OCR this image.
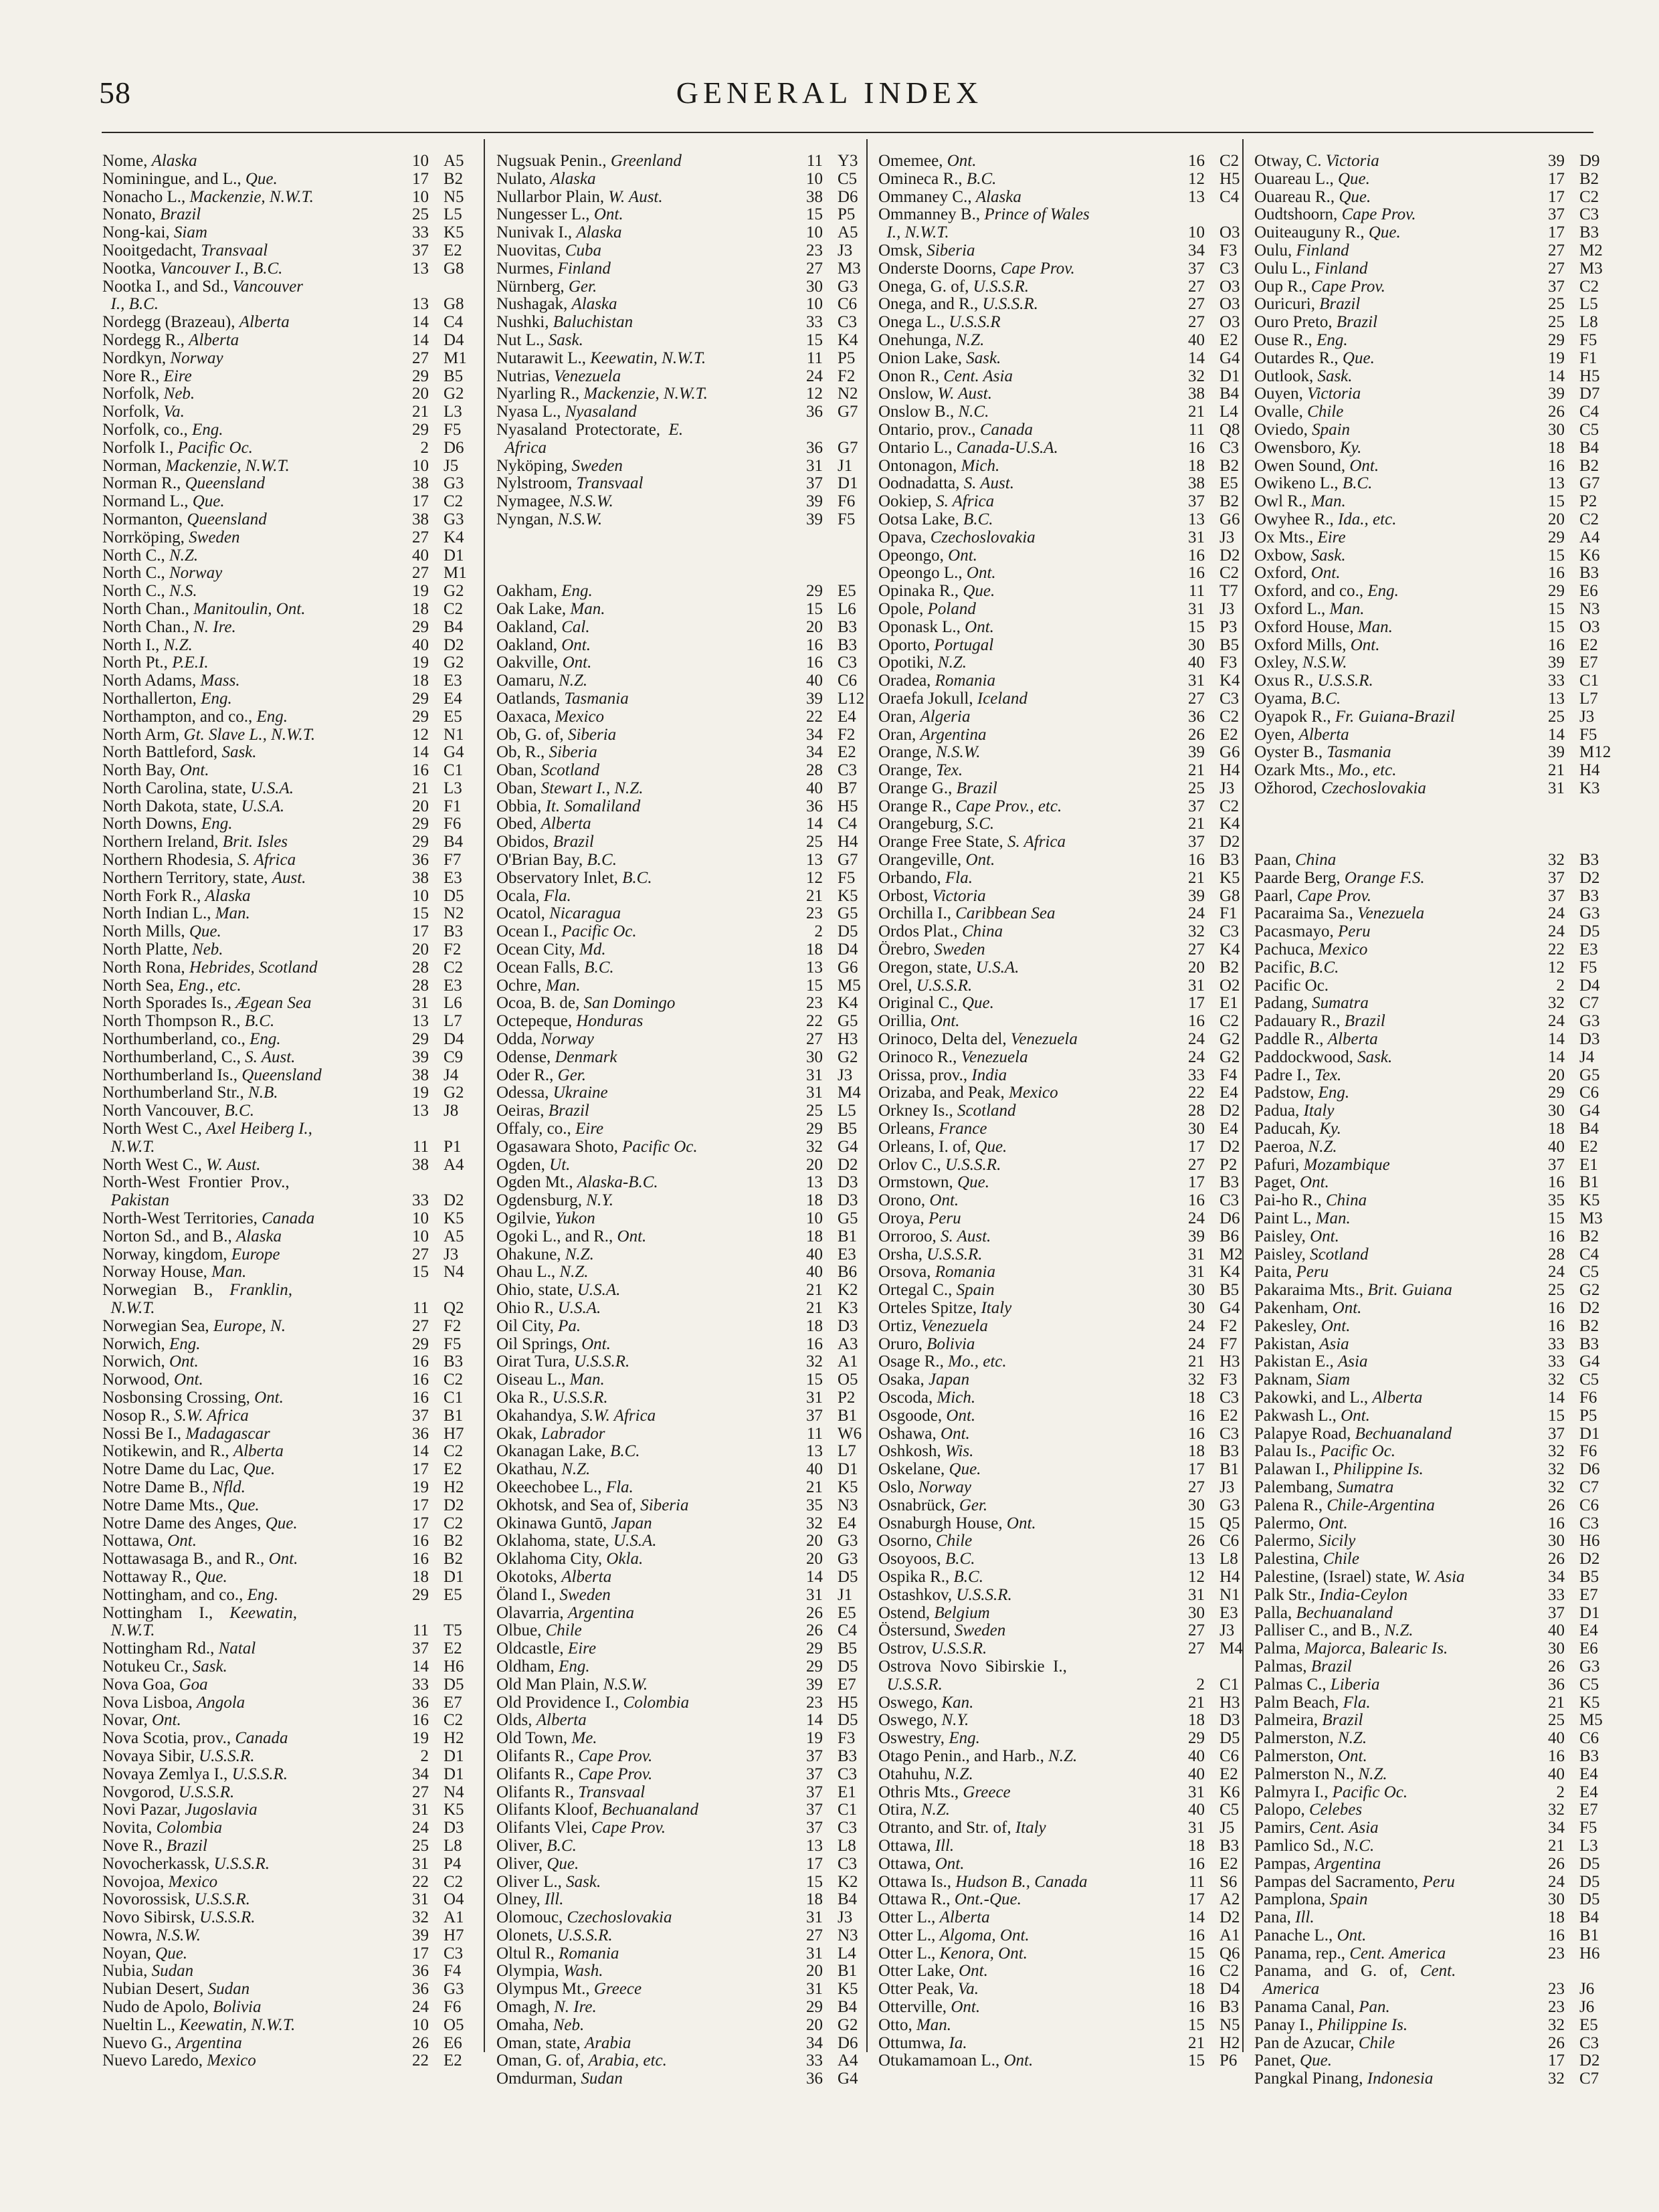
58	GENERAL INDEX
Nome, Alaska	10 A5
Nominingue, and L., Que.	17 B2
Nonacho L., Mackenzie, N.W.T.	10 N5
Nonato, Brazil	25 L5
Nong-kai, Siam	33 K5
Nooitgedacht, Transvaal	37 E2
Nootka, Vancouver I., B.C.	13 G8
Nootka I., and Sd., Vancouver
I., B.C.	13 G8
Nordegg (Brazeau), Alberta	14 C4
Nordegg R., Alberta	14 D4
Nordkyn, Norway	27 M1
Nore R., Eire	29 B5
Norfolk, Neb.	20 G2
Norfolk, Va.	21 L3
Norfolk, co., Eng.	29 F5
Norfolk I., Pacific Oc.	2 D6
Norman, Mackenzie, N.W.T.	10 J5
Norman R., Queensland	38 G3
Normand L., Que.	17 C2
Normanton, Queensland	38 G3
Norrköping, Sweden	27 K4
North C., N.Z.	40 D1
North C., Norway	27 M1
North C., N.S.	19 G2
North Chan., Manitoulin, Ont.	18 C2
North Chan., N. Ire.	29 B4
North I., N.Z.	40 D2
North Pt., P.E.I.	19 G2
North Adams, Mass.	18 E3
Northallerton, Eng.	29 E4
Northampton, and co., Eng.	29 E5
North Arm, Gt. Slave L., N.W.T.	12 N1
North Battleford, Sask.	14 G4
North Bay, Ont.	16 C1
North Carolina, state, U.S.A.	21 L3
North Dakota, state, U.S.A.	20 F1
North Downs, Eng.	29 F6
Northern Ireland, Brit. Isles	29 B4
Northern Rhodesia, S. Africa	36 F7
Northern Territory, state, Aust.	38 E3
North Fork R., Alaska	10 D5
North Indian L., Man.	15 N2
North Mills, Que.	17 B3
North Platte, Neb.	20 F2
North Rona, Hebrides, Scotland	28 C2
North Sea, Eng., etc.	28 E3
North Sporades Is., Ægean Sea	31 L6
North Thompson R., B.C.	13 L7
Northumberland, co., Eng.	29 D4
Northumberland, C., S. Aust.	39 C9
Northumberland Is., Queensland	38 J4
Northumberland Str., N.B.	19 G2
North Vancouver, B.C.	13 J8
North West C., Axel Heiberg I.,
N.W.T.	11 P1
North West C., W. Aust.	38 A4
North-West  Frontier  Prov.,
Pakistan	33 D2
North-West Territories, Canada	10 K5
Norton Sd., and B., Alaska	10 A5
Norway, kingdom, Europe	27 J3
Norway House, Man.	15 N4
Norwegian    B.,    Franklin,
N.W.T.	11 Q2
Norwegian Sea, Europe, N.	27 F2
Norwich, Eng.	29 F5
Norwich, Ont.	16 B3
Norwood, Ont.	16 C2
Nosbonsing Crossing, Ont.	16 C1
Nosop R., S.W. Africa	37 B1
Nossi Be I., Madagascar	36 H7
Notikewin, and R., Alberta	14 C2
Notre Dame du Lac, Que.	17 E2
Notre Dame B., Nfld.	19 H2
Notre Dame Mts., Que.	17 D2
Notre Dame des Anges, Que.	17 C2
Nottawa, Ont.	16 B2
Nottawasaga B., and R., Ont.	16 B2
Nottaway R., Que.	18 D1
Nottingham, and co., Eng.	29 E5
Nottingham    I.,    Keewatin,
N.W.T.	11 T5
Nottingham Rd., Natal	37 E2
Notukeu Cr., Sask.	14 H6
Nova Goa, Goa	33 D5
Nova Lisboa, Angola	36 E7
Novar, Ont.	16 C2
Nova Scotia, prov., Canada	19 H2
Novaya Sibir, U.S.S.R.	2 D1
Novaya Zemlya I., U.S.S.R.	34 D1
Novgorod, U.S.S.R.	27 N4
Novi Pazar, Jugoslavia	31 K5
Novita, Colombia	24 D3
Nove R., Brazil	25 L8
Novocherkassk, U.S.S.R.	31 P4
Novojoa, Mexico	22 C2
Novorossisk, U.S.S.R.	31 O4
Novo Sibirsk, U.S.S.R.	32 A1
Nowra, N.S.W.	39 H7
Noyan, Que.	17 C3
Nubia, Sudan	36 F4
Nubian Desert, Sudan	36 G3
Nudo de Apolo, Bolivia	24 F6
Nueltin L., Keewatin, N.W.T.	10 O5
Nuevo G., Argentina	26 E6
Nuevo Laredo, Mexico	22 E2
Nugsuak Penin., Greenland	11 Y3
Nulato, Alaska	10 C5
Nullarbor Plain, W. Aust.	38 D6
Nungesser L., Ont.	15 P5
Nunivak I., Alaska	10 A5
Nuovitas, Cuba	23 J3
Nurmes, Finland	27 M3
Nürnberg, Ger.	30 G3
Nushagak, Alaska	10 C6
Nushki, Baluchistan	33 C3
Nut L., Sask.	15 K4
Nutarawit L., Keewatin, N.W.T.	11 P5
Nutrias, Venezuela	24 F2
Nyarling R., Mackenzie, N.W.T.	12 N2
Nyasa L., Nyasaland	36 G7
Nyasaland  Protectorate,  E.
Africa	36 G7
Nyköping, Sweden	31 J1
Nylstroom, Transvaal	37 D1
Nymagee, N.S.W.	39 F6
Nyngan, N.S.W.	39 F5
Oakham, Eng.	29 E5
Oak Lake, Man.	15 L6
Oakland, Cal.	20 B3
Oakland, Ont.	16 B3
Oakville, Ont.	16 C3
Oamaru, N.Z.	40 C6
Oatlands, Tasmania	39 L12
Oaxaca, Mexico	22 E4
Ob, G. of, Siberia	34 F2
Ob, R., Siberia	34 E2
Oban, Scotland	28 C3
Oban, Stewart I., N.Z.	40 B7
Obbia, It. Somaliland	36 H5
Obed, Alberta	14 C4
Obidos, Brazil	25 H4
O'Brian Bay, B.C.	13 G7
Observatory Inlet, B.C.	12 F5
Ocala, Fla.	21 K5
Ocatol, Nicaragua	23 G5
Ocean I., Pacific Oc.	2 D5
Ocean City, Md.	18 D4
Ocean Falls, B.C.	13 G6
Ochre, Man.	15 M5
Ocoa, B. de, San Domingo	23 K4
Octepeque, Honduras	22 G5
Odda, Norway	27 H3
Odense, Denmark	30 G2
Oder R., Ger.	31 J3
Odessa, Ukraine	31 M4
Oeiras, Brazil	25 L5
Offaly, co., Eire	29 B5
Ogasawara Shoto, Pacific Oc.	32 G4
Ogden, Ut.	20 D2
Ogden Mt., Alaska-B.C.	13 D3
Ogdensburg, N.Y.	18 D3
Ogilvie, Yukon	10 G5
Ogoki L., and R., Ont.	18 B1
Ohakune, N.Z.	40 E3
Ohau L., N.Z.	40 B6
Ohio, state, U.S.A.	21 K2
Ohio R., U.S.A.	21 K3
Oil City, Pa.	18 D3
Oil Springs, Ont.	16 A3
Oirat Tura, U.S.S.R.	32 A1
Oiseau L., Man.	15 O5
Oka R., U.S.S.R.	31 P2
Okahandya, S.W. Africa	37 B1
Okak, Labrador	11 W6
Okanagan Lake, B.C.	13 L7
Okathau, N.Z.	40 D1
Okeechobee L., Fla.	21 K5
Okhotsk, and Sea of, Siberia	35 N3
Okinawa Guntō, Japan	32 E4
Oklahoma, state, U.S.A.	20 G3
Oklahoma City, Okla.	20 G3
Okotoks, Alberta	14 D5
Öland I., Sweden	31 J1
Olavarria, Argentina	26 E5
Olbue, Chile	26 C4
Oldcastle, Eire	29 B5
Oldham, Eng.	29 D5
Old Man Plain, N.S.W.	39 E7
Old Providence I., Colombia	23 H5
Olds, Alberta	14 D5
Old Town, Me.	19 F3
Olifants R., Cape Prov.	37 B3
Olifants R., Cape Prov.	37 C3
Olifants R., Transvaal	37 E1
Olifants Kloof, Bechuanaland	37 C1
Olifants Vlei, Cape Prov.	37 C3
Oliver, B.C.	13 L8
Oliver, Que.	17 C3
Oliver L., Sask.	15 K2
Olney, Ill.	18 B4
Olomouc, Czechoslovakia	31 J3
Olonets, U.S.S.R.	27 N3
Oltul R., Romania	31 L4
Olympia, Wash.	20 B1
Olympus Mt., Greece	31 K5
Omagh, N. Ire.	29 B4
Omaha, Neb.	20 G2
Oman, state, Arabia	34 D6
Oman, G. of, Arabia, etc.	33 A4
Omdurman, Sudan	36 G4
Omemee, Ont.	16 C2
Omineca R., B.C.	12 H5
Ommaney C., Alaska	13 C4
Ommanney B., Prince of Wales
I., N.W.T.	10 O3
Omsk, Siberia	34 F3
Onderste Doorns, Cape Prov.	37 C3
Onega, G. of, U.S.S.R.	27 O3
Onega, and R., U.S.S.R.	27 O3
Onega L., U.S.S.R	27 O3
Onehunga, N.Z.	40 E2
Onion Lake, Sask.	14 G4
Onon R., Cent. Asia	32 D1
Onslow, W. Aust.	38 B4
Onslow B., N.C.	21 L4
Ontario, prov., Canada	11 Q8
Ontario L., Canada-U.S.A.	16 C3
Ontonagon, Mich.	18 B2
Oodnadatta, S. Aust.	38 E5
Ookiep, S. Africa	37 B2
Ootsa Lake, B.C.	13 G6
Opava, Czechoslovakia	31 J3
Opeongo, Ont.	16 D2
Opeongo L., Ont.	16 C2
Opinaka R., Que.	11 T7
Opole, Poland	31 J3
Oponask L., Ont.	15 P3
Oporto, Portugal	30 B5
Opotiki, N.Z.	40 F3
Oradea, Romania	31 K4
Oraefa Jokull, Iceland	27 C3
Oran, Algeria	36 C2
Oran, Argentina	26 E2
Orange, N.S.W.	39 G6
Orange, Tex.	21 H4
Orange G., Brazil	25 J3
Orange R., Cape Prov., etc.	37 C2
Orangeburg, S.C.	21 K4
Orange Free State, S. Africa	37 D2
Orangeville, Ont.	16 B3
Orbando, Fla.	21 K5
Orbost, Victoria	39 G8
Orchilla I., Caribbean Sea	24 F1
Ordos Plat., China	32 C3
Örebro, Sweden	27 K4
Oregon, state, U.S.A.	20 B2
Orel, U.S.S.R.	31 O2
Original C., Que.	17 E1
Orillia, Ont.	16 C2
Orinoco, Delta del, Venezuela	24 G2
Orinoco R., Venezuela	24 G2
Orissa, prov., India	33 F4
Orizaba, and Peak, Mexico	22 E4
Orkney Is., Scotland	28 D2
Orleans, France	30 E4
Orleans, I. of, Que.	17 D2
Orlov C., U.S.S.R.	27 P2
Ormstown, Que.	17 B3
Orono, Ont.	16 C3
Oroya, Peru	24 D6
Orroroo, S. Aust.	39 B6
Orsha, U.S.S.R.	31 M2
Orsova, Romania	31 K4
Ortegal C., Spain	30 B5
Orteles Spitze, Italy	30 G4
Ortiz, Venezuela	24 F2
Oruro, Bolivia	24 F7
Osage R., Mo., etc.	21 H3
Osaka, Japan	32 F3
Oscoda, Mich.	18 C3
Osgoode, Ont.	16 E2
Oshawa, Ont.	16 C3
Oshkosh, Wis.	18 B3
Oskelane, Que.	17 B1
Oslo, Norway	27 J3
Osnabrück, Ger.	30 G3
Osnaburgh House, Ont.	15 Q5
Osorno, Chile	26 C6
Osoyoos, B.C.	13 L8
Ospika R., B.C.	12 H4
Ostashkov, U.S.S.R.	31 N1
Ostend, Belgium	30 E3
Östersund, Sweden	27 J3
Ostrov, U.S.S.R.	27 M4
Ostrova  Novo  Sibirskie  I.,
U.S.S.R.	2 C1
Oswego, Kan.	21 H3
Oswego, N.Y.	18 D3
Oswestry, Eng.	29 D5
Otago Penin., and Harb., N.Z.	40 C6
Otahuhu, N.Z.	40 E2
Othris Mts., Greece	31 K6
Otira, N.Z.	40 C5
Otranto, and Str. of, Italy	31 J5
Ottawa, Ill.	18 B3
Ottawa, Ont.	16 E2
Ottawa Is., Hudson B., Canada	11 S6
Ottawa R., Ont.-Que.	17 A2
Otter L., Alberta	14 D2
Otter L., Algoma, Ont.	16 A1
Otter L., Kenora, Ont.	15 Q6
Otter Lake, Ont.	16 C2
Otter Peak, Va.	18 D4
Otterville, Ont.	16 B3
Otto, Man.	15 N5
Ottumwa, Ia.	21 H2
Otukamamoan L., Ont.	15 P6
Otway, C. Victoria	39 D9
Ouareau L., Que.	17 B2
Ouareau R., Que.	17 C2
Oudtshoorn, Cape Prov.	37 C3
Ouiteauguny R., Que.	17 B3
Oulu, Finland	27 M2
Oulu L., Finland	27 M3
Oup R., Cape Prov.	37 C2
Ouricuri, Brazil	25 L5
Ouro Preto, Brazil	25 L8
Ouse R., Eng.	29 F5
Outardes R., Que.	19 F1
Outlook, Sask.	14 H5
Ouyen, Victoria	39 D7
Ovalle, Chile	26 C4
Oviedo, Spain	30 C5
Owensboro, Ky.	18 B4
Owen Sound, Ont.	16 B2
Owikeno L., B.C.	13 G7
Owl R., Man.	15 P2
Owyhee R., Ida., etc.	20 C2
Ox Mts., Eire	29 A4
Oxbow, Sask.	15 K6
Oxford, Ont.	16 B3
Oxford, and co., Eng.	29 E6
Oxford L., Man.	15 N3
Oxford House, Man.	15 O3
Oxford Mills, Ont.	16 E2
Oxley, N.S.W.	39 E7
Oxus R., U.S.S.R.	33 C1
Oyama, B.C.	13 L7
Oyapok R., Fr. Guiana-Brazil	25 J3
Oyen, Alberta	14 F5
Oyster B., Tasmania	39 M12
Ozark Mts., Mo., etc.	21 H4
Ožhorod, Czechoslovakia	31 K3
Paan, China	32 B3
Paarde Berg, Orange F.S.	37 D2
Paarl, Cape Prov.	37 B3
Pacaraima Sa., Venezuela	24 G3
Pacasmayo, Peru	24 D5
Pachuca, Mexico	22 E3
Pacific, B.C.	12 F5
Pacific Oc.	2 D4
Padang, Sumatra	32 C7
Padauary R., Brazil	24 G3
Paddle R., Alberta	14 D3
Paddockwood, Sask.	14 J4
Padre I., Tex.	20 G5
Padstow, Eng.	29 C6
Padua, Italy	30 G4
Paducah, Ky.	18 B4
Paeroa, N.Z.	40 E2
Pafuri, Mozambique	37 E1
Paget, Ont.	16 B1
Pai-ho R., China	35 K5
Paint L., Man.	15 M3
Paisley, Ont.	16 B2
Paisley, Scotland	28 C4
Paita, Peru	24 C5
Pakaraima Mts., Brit. Guiana	25 G2
Pakenham, Ont.	16 D2
Pakesley, Ont.	16 B2
Pakistan, Asia	33 B3
Pakistan E., Asia	33 G4
Paknam, Siam	32 C5
Pakowki, and L., Alberta	14 F6
Pakwash L., Ont.	15 P5
Palapye Road, Bechuanaland	37 D1
Palau Is., Pacific Oc.	32 F6
Palawan I., Philippine Is.	32 D6
Palembang, Sumatra	32 C7
Palena R., Chile-Argentina	26 C6
Palermo, Ont.	16 C3
Palermo, Sicily	30 H6
Palestina, Chile	26 D2
Palestine, (Israel) state, W. Asia	34 B5
Palk Str., India-Ceylon	33 E7
Palla, Bechuanaland	37 D1
Palliser C., and B., N.Z.	40 E4
Palma, Majorca, Balearic Is.	30 E6
Palmas, Brazil	26 G3
Palmas C., Liberia	36 C5
Palm Beach, Fla.	21 K5
Palmeira, Brazil	25 M5
Palmerston, N.Z.	40 C6
Palmerston, Ont.	16 B3
Palmerston N., N.Z.	40 E4
Palmyra I., Pacific Oc.	2 E4
Palopo, Celebes	32 E7
Pamirs, Cent. Asia	34 F5
Pamlico Sd., N.C.	21 L3
Pampas, Argentina	26 D5
Pampas del Sacramento, Peru	24 D5
Pamplona, Spain	30 D5
Pana, Ill.	18 B4
Panache L., Ont.	16 B1
Panama, rep., Cent. America	23 H6
Panama,   and   G.   of,   Cent.
America	23 J6
Panama Canal, Pan.	23 J6
Panay I., Philippine Is.	32 E5
Pan de Azucar, Chile	26 C3
Panet, Que.	17 D2
Pangkal Pinang, Indonesia	32 C7
